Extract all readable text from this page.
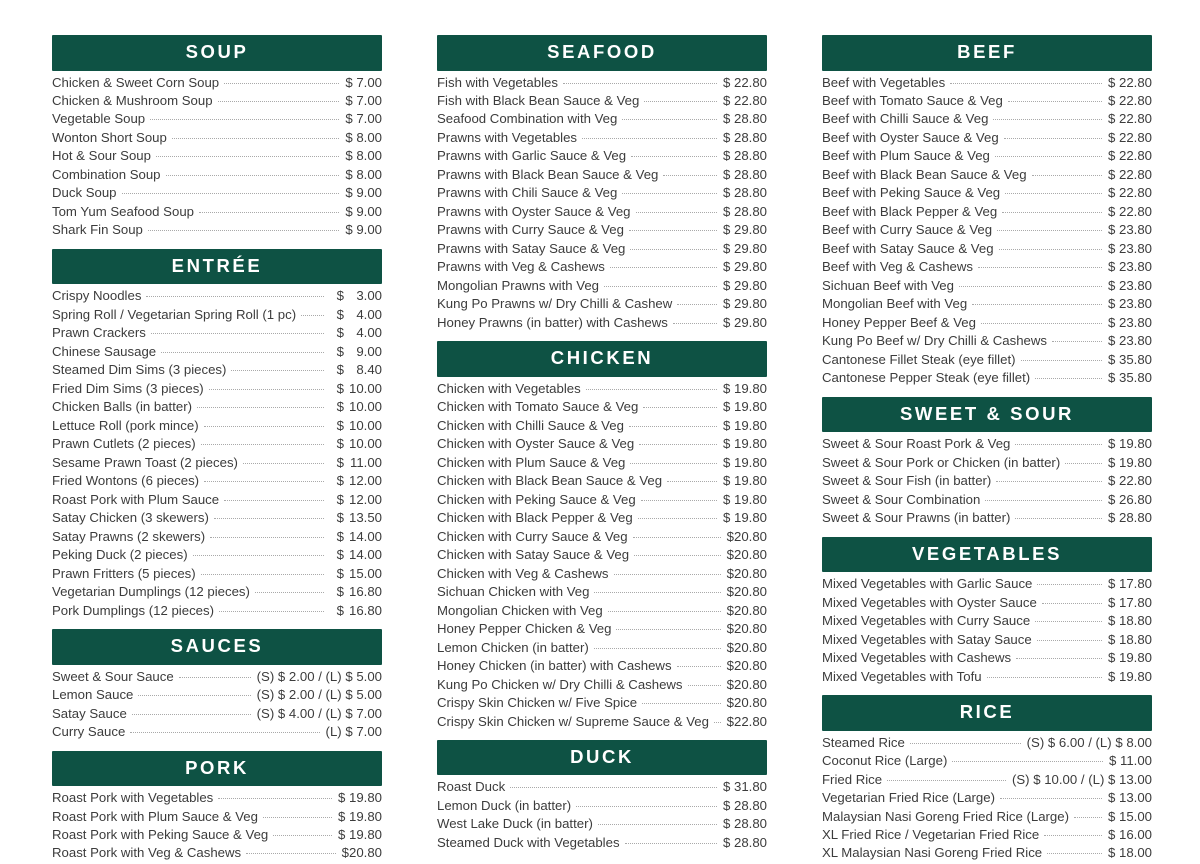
SOUP
Chicken & Sweet Corn Soup	$ 7.00
Chicken & Mushroom Soup	$ 7.00
Vegetable Soup	$ 7.00
Wonton Short Soup	$ 8.00
Hot & Sour Soup	$ 8.00
Combination Soup	$ 8.00
Duck Soup	$ 9.00
Tom Yum Seafood Soup	$ 9.00
Shark Fin Soup	$ 9.00
ENTRÉE
Crispy Noodles	$ 3.00
Spring Roll / Vegetarian Spring Roll (1 pc)	$ 4.00
Prawn Crackers	$ 4.00
Chinese Sausage	$ 9.00
Steamed Dim Sims (3 pieces)	$ 8.40
Fried Dim Sims (3 pieces)	$ 10.00
Chicken Balls (in batter)	$ 10.00
Lettuce Roll (pork mince)	$ 10.00
Prawn Cutlets (2 pieces)	$ 10.00
Sesame Prawn Toast (2 pieces)	$ 11.00
Fried Wontons (6 pieces)	$ 12.00
Roast Pork with Plum Sauce	$ 12.00
Satay Chicken (3 skewers)	$ 13.50
Satay Prawns (2 skewers)	$ 14.00
Peking Duck (2 pieces)	$ 14.00
Prawn Fritters (5 pieces)	$ 15.00
Vegetarian Dumplings (12 pieces)	$ 16.80
Pork Dumplings (12 pieces)	$ 16.80
SAUCES
Sweet & Sour Sauce	(S) $ 2.00 / (L) $ 5.00
Lemon Sauce	(S) $ 2.00 / (L) $ 5.00
Satay Sauce	(S) $ 4.00 / (L) $ 7.00
Curry Sauce	(L) $ 7.00
PORK
Roast Pork with Vegetables	$ 19.80
Roast Pork with Plum Sauce & Veg	$ 19.80
Roast Pork with Peking Sauce & Veg	$ 19.80
Roast Pork with Veg & Cashews	$20.80
SEAFOOD
Fish with Vegetables	$ 22.80
Fish with Black Bean Sauce & Veg	$ 22.80
Seafood Combination with Veg	$ 28.80
Prawns with Vegetables	$ 28.80
Prawns with Garlic Sauce & Veg	$ 28.80
Prawns with Black Bean Sauce & Veg	$ 28.80
Prawns with Chili Sauce & Veg	$ 28.80
Prawns with Oyster Sauce & Veg	$ 28.80
Prawns with Curry Sauce & Veg	$ 29.80
Prawns with Satay Sauce & Veg	$ 29.80
Prawns with Veg & Cashews	$ 29.80
Mongolian Prawns with Veg	$ 29.80
Kung Po Prawns w/ Dry Chilli & Cashew	$ 29.80
Honey Prawns (in batter) with Cashews	$ 29.80
CHICKEN
Chicken with Vegetables	$ 19.80
Chicken with Tomato Sauce & Veg	$ 19.80
Chicken with Chilli Sauce & Veg	$ 19.80
Chicken with Oyster Sauce & Veg	$ 19.80
Chicken with Plum Sauce & Veg	$ 19.80
Chicken with Black Bean Sauce & Veg	$ 19.80
Chicken with Peking Sauce & Veg	$ 19.80
Chicken with Black Pepper & Veg	$ 19.80
Chicken with Curry Sauce & Veg	$20.80
Chicken with Satay Sauce & Veg	$20.80
Chicken with Veg & Cashews	$20.80
Sichuan Chicken with Veg	$20.80
Mongolian Chicken with Veg	$20.80
Honey Pepper Chicken & Veg	$20.80
Lemon Chicken (in batter)	$20.80
Honey Chicken (in batter) with Cashews	$20.80
Kung Po Chicken w/ Dry Chilli & Cashews	$20.80
Crispy Skin Chicken w/ Five Spice	$20.80
Crispy Skin Chicken w/ Supreme Sauce & Veg	$22.80
DUCK
Roast Duck	$ 31.80
Lemon Duck (in batter)	$ 28.80
West Lake Duck (in batter)	$ 28.80
Steamed Duck with Vegetables	$ 28.80
BEEF
Beef with Vegetables	$ 22.80
Beef with Tomato Sauce & Veg	$ 22.80
Beef with Chilli Sauce & Veg	$ 22.80
Beef with Oyster Sauce & Veg	$ 22.80
Beef with Plum Sauce & Veg	$ 22.80
Beef with Black Bean Sauce & Veg	$ 22.80
Beef with Peking Sauce & Veg	$ 22.80
Beef with Black Pepper & Veg	$ 22.80
Beef with Curry Sauce & Veg	$ 23.80
Beef with Satay Sauce & Veg	$ 23.80
Beef with Veg & Cashews	$ 23.80
Sichuan Beef with Veg	$ 23.80
Mongolian Beef with Veg	$ 23.80
Honey Pepper Beef & Veg	$ 23.80
Kung Po Beef w/ Dry Chilli & Cashews	$ 23.80
Cantonese Fillet Steak (eye fillet)	$ 35.80
Cantonese Pepper Steak (eye fillet)	$ 35.80
SWEET & SOUR
Sweet & Sour Roast Pork & Veg	$ 19.80
Sweet & Sour Pork or Chicken (in batter)	$ 19.80
Sweet & Sour Fish (in batter)	$ 22.80
Sweet & Sour Combination	$ 26.80
Sweet & Sour Prawns (in batter)	$ 28.80
VEGETABLES
Mixed Vegetables with Garlic Sauce	$ 17.80
Mixed Vegetables with Oyster Sauce	$ 17.80
Mixed Vegetables with Curry Sauce	$ 18.80
Mixed Vegetables with Satay Sauce	$ 18.80
Mixed Vegetables with Cashews	$ 19.80
Mixed Vegetables with Tofu	$ 19.80
RICE
Steamed Rice	(S) $ 6.00 / (L) $ 8.00
Coconut Rice (Large)	$ 11.00
Fried Rice	(S) $ 10.00 / (L) $ 13.00
Vegetarian Fried Rice (Large)	$ 13.00
Malaysian Nasi Goreng Fried Rice (Large)	$ 15.00
XL Fried Rice / Vegetarian Fried Rice	$ 16.00
XL Malaysian Nasi Goreng Fried Rice	$ 18.00
